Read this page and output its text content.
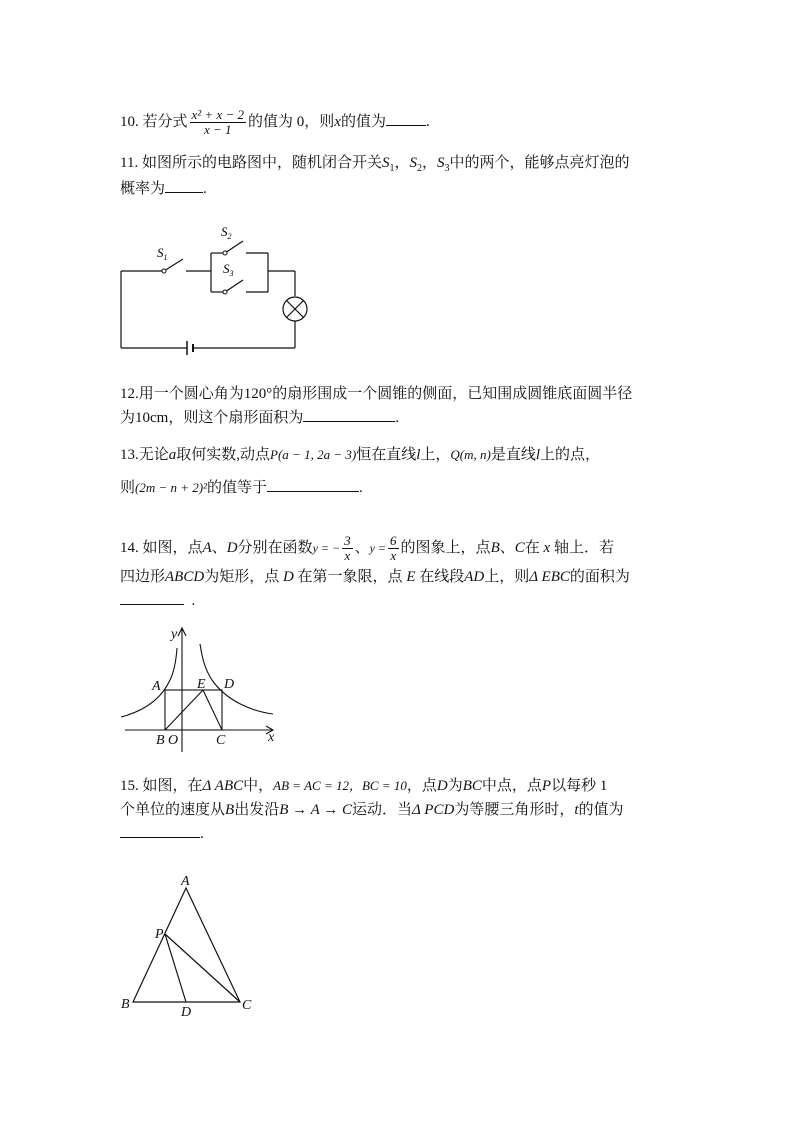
10. 若分式 $\frac{\text{x² + x − 2}}{x - 1}$ 的值为 0，则x的值为	.
11. 如图所示的电路图中，随机闭合开关$S_1$，$S_2$，$S_3$中的两个，能够点亮灯泡的
概率为	.
$S_1$
$S_2$
$S_3$
12.用一个圆心角为120°的扇形围成一个圆锥的侧面，已知围成圆锥底面圆半径
为10cm，则这个扇形面积为	.
13.无论a取何实数,动点P(a − 1, 2a − 3)恒在直线l上，Q(m, n)是直线l上的点，
则(2m − n + 2)²的值等于	.
14. 如图，点A、D分别在函数y = − $\frac{3}{x}$ 、$y = \frac{6}{x}$ 的图象上，点B、C在 x 轴上．若
四边形ABCD为矩形，点 D 在第一象限，点 E 在线段AD上，则Δ EBC的面积为
.
y
x
A	E D
B O	C
15. 如图，在Δ ABC中，AB = AC = 12，BC = 10，点D为BC中点，点P以每秒 1
个单位的速度从B出发沿B → A → C运动．当Δ PCD为等腰三角形时，t的值为
.
A
P
B
D	C
